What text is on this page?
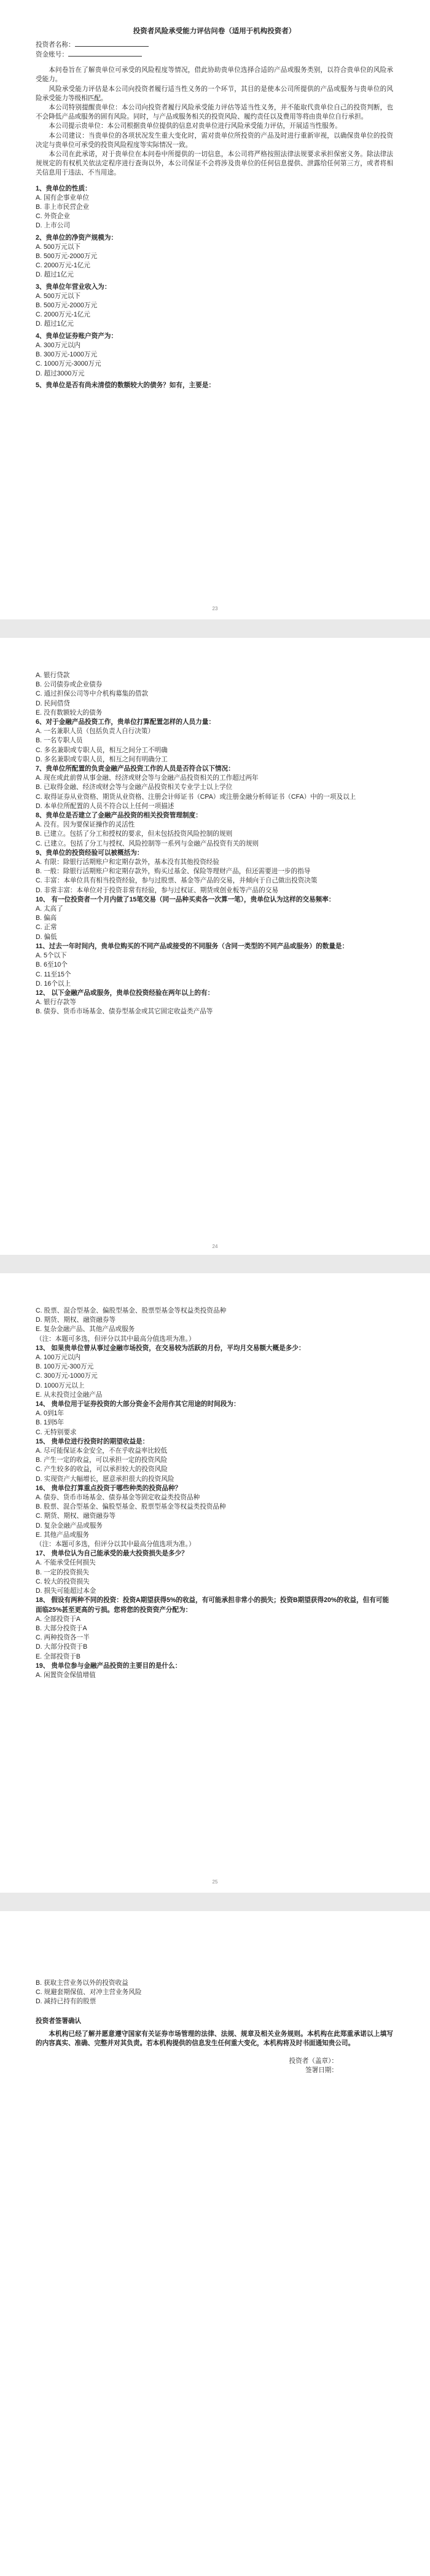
投资者风险承受能力评估问卷（适用于机构投资者）

投资者名称：

资金账号：

本问卷旨在了解贵单位可承受的风险程度等情况，借此协助贵单位选择合适的产品或服务类别，以符合贵单位的风险承受能力。

风险承受能力评估是本公司向投资者履行适当性义务的一个环节，其目的是使本公司所提供的产品或服务与贵单位的风险承受能力等级相匹配。

本公司特别提醒贵单位：本公司向投资者履行风险承受能力评估等适当性义务，并不能取代贵单位自己的投资判断，也不会降低产品或服务的固有风险。同时，与产品或服务相关的投资风险、履约责任以及费用等将由贵单位自行承担。

本公司提示贵单位：本公司根据贵单位提供的信息对贵单位进行风险承受能力评估，开展适当性服务。

本公司建议：当贵单位的各项状况发生重大变化时，需对贵单位所投资的产品及时进行重新审视，以确保贵单位的投资决定与贵单位可承受的投资风险程度等实际情况一致。

本公司在此承诺，对于贵单位在本问卷中所提供的一切信息，本公司将严格按照法律法规要求承担保密义务。除法律法规规定的有权机关依法定程序进行查询以外，本公司保证不会将涉及贵单位的任何信息提供、泄露给任何第三方，或者将相关信息用于违法、不当用途。

1、贵单位的性质：

A. 国有企事业单位

B. 非上市民营企业

C. 外资企业

D. 上市公司

2、贵单位的净资产规模为：

A. 500万元以下

B. 500万元-2000万元

C. 2000万元-1亿元

D. 超过1亿元

3、贵单位年营业收入为：

A. 500万元以下

B. 500万元-2000万元

C. 2000万元-1亿元

D. 超过1亿元

4、贵单位证券账户资产为：

A. 300万元以内

B. 300万元-1000万元

C. 1000万元-3000万元

D. 超过3000万元

5、贵单位是否有尚未清偿的数额较大的债务？如有，主要是：

23

A. 银行贷款

B. 公司债券或企业债券

C. 通过担保公司等中介机构募集的借款

D. 民间借贷

E. 没有数额较大的债务

6、对于金融产品投资工作，贵单位打算配置怎样的人员力量：

A. 一名兼职人员（包括负责人自行决策）

B. 一名专职人员

C. 多名兼职或专职人员，相互之间分工不明确

D. 多名兼职或专职人员，相互之间有明确分工

7、贵单位所配置的负责金融产品投资工作的人员是否符合以下情况：

A. 现在或此前曾从事金融、经济或财会等与金融产品投资相关的工作超过两年

B. 已取得金融、经济或财会等与金融产品投资相关专业学士以上学位

C. 取得证券从业资格、期货从业资格、注册会计师证书（CPA）或注册金融分析师证书（CFA）中的一项及以上

D. 本单位所配置的人员不符合以上任何一项描述

8、贵单位是否建立了金融产品投资的相关投资管理制度：

A. 没有。因为要保证操作的灵活性

B. 已建立。包括了分工和授权的要求，但未包括投资风险控制的规则

C. 已建立。包括了分工与授权、风险控制等一系列与金融产品投资有关的规则

9、贵单位的投资经验可以被概括为：

A. 有限：除银行活期账户和定期存款外，基本没有其他投资经验

B. 一般：除银行活期账户和定期存款外，购买过基金、保险等理财产品，但还需要进一步的指导

C. 丰富：本单位具有相当投资经验，参与过股票、基金等产品的交易，并倾向于自己做出投资决策

D. 非常丰富：本单位对于投资非常有经验，参与过权证、期货或创业板等产品的交易

10、 有一位投资者一个月内做了15笔交易（同一品种买卖各一次算一笔），贵单位认为这样的交易频率：

A. 太高了

B. 偏高

C. 正常

D. 偏低

11、过去一年时间内，贵单位购买的不同产品或接受的不同服务（含同一类型的不同产品或服务）的数量是：

A. 5个以下

B. 6至10个

C. 11至15个

D. 16个以上

12、 以下金融产品或服务，贵单位投资经验在两年以上的有：

A. 银行存款等

B. 债券、货币市场基金、债券型基金或其它固定收益类产品等

24

C. 股票、混合型基金、偏股型基金、股票型基金等权益类投资品种

D. 期货、期权、融资融券等

E. 复杂金融产品、其他产品或服务

（注：本题可多选，但评分以其中最高分值选项为准。）

13、 如果贵单位曾从事过金融市场投资，在交易较为活跃的月份，平均月交易额大概是多少：

A. 100万元以内

B. 100万元-300万元

C. 300万元-1000万元

D. 1000万元以上

E. 从未投资过金融产品

14、 贵单位用于证券投资的大部分资金不会用作其它用途的时间段为：

A. 0到1年

B. 1到5年

C. 无特别要求

15、 贵单位进行投资时的期望收益是：

A. 尽可能保证本金安全，不在乎收益率比较低

B. 产生一定的收益，可以承担一定的投资风险

C. 产生较多的收益，可以承担较大的投资风险

D. 实现资产大幅增长，愿意承担很大的投资风险

16、 贵单位打算重点投资于哪些种类的投资品种？

A. 债券、货币市场基金、债券基金等固定收益类投资品种

B. 股票、混合型基金、偏股型基金、股票型基金等权益类投资品种

C. 期货、期权、融资融券等

D. 复杂金融产品或服务

E. 其他产品或服务

（注：本题可多选，但评分以其中最高分值选项为准。）

17、 贵单位认为自己能承受的最大投资损失是多少？

A. 不能承受任何损失

B. 一定的投资损失

C. 较大的投资损失

D. 损失可能超过本金

18、 假设有两种不同的投资：投资A期望获得5%的收益，有可能承担非常小的损失；投资B期望获得20%的收益，但有可能面临25%甚至更高的亏损。您将您的投资资产分配为：

A. 全部投资于A

B. 大部分投资于A

C. 两种投资各一半

D. 大部分投资于B

E. 全部投资于B

19、 贵单位参与金融产品投资的主要目的是什么：

A. 闲置资金保值增值

25

B. 获取主营业务以外的投资收益

C. 规避套期保值、对冲主营业务风险

D. 减持已持有的股票

投资者签署确认

本机构已经了解并愿意遵守国家有关证券市场管理的法律、法规、规章及相关业务规则。本机构在此郑重承诺以上填写的内容真实、准确、完整并对其负责。若本机构提供的信息发生任何重大变化，本机构将及时书面通知贵公司。

投资者（盖章）：

签署日期：
